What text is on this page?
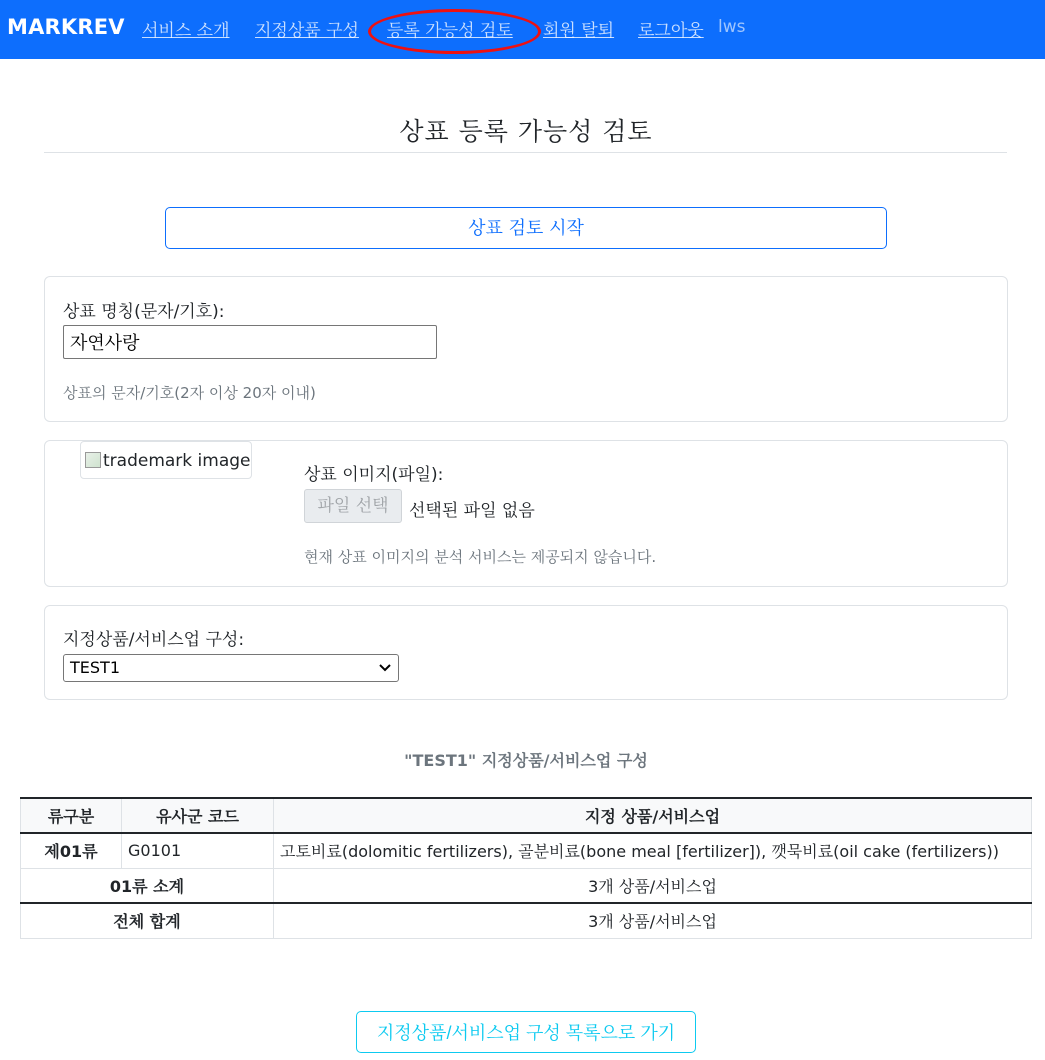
MARKREV 서비스 소개 지정상품 구성 등록 가능성 검토 회원 탈퇴 로그아웃 lws
상표 등록 가능성 검토
상표 검토 시작
상표 명칭(문자/기호):
자연사랑
상표의 문자/기호(2자 이상 20자 이내)
trademark image
상표 이미지(파일):
파일 선택	선택된 파일 없음
현재 상표 이미지의 분석 서비스는 제공되지 않습니다.
지정상품/서비스업 구성:
TEST1
"TEST1" 지정상품/서비스업 구성
류구분	유사군 코드	지정 상품/서비스업
제01류	G0101	고토비료(dolomitic fertilizers), 골분비료(bone meal [fertilizer]), 깻묵비료(oil cake (fertilizers))
01류 소계		3개 상품/서비스업
전체 합계		3개 상품/서비스업
지정상품/서비스업 구성 목록으로 가기
